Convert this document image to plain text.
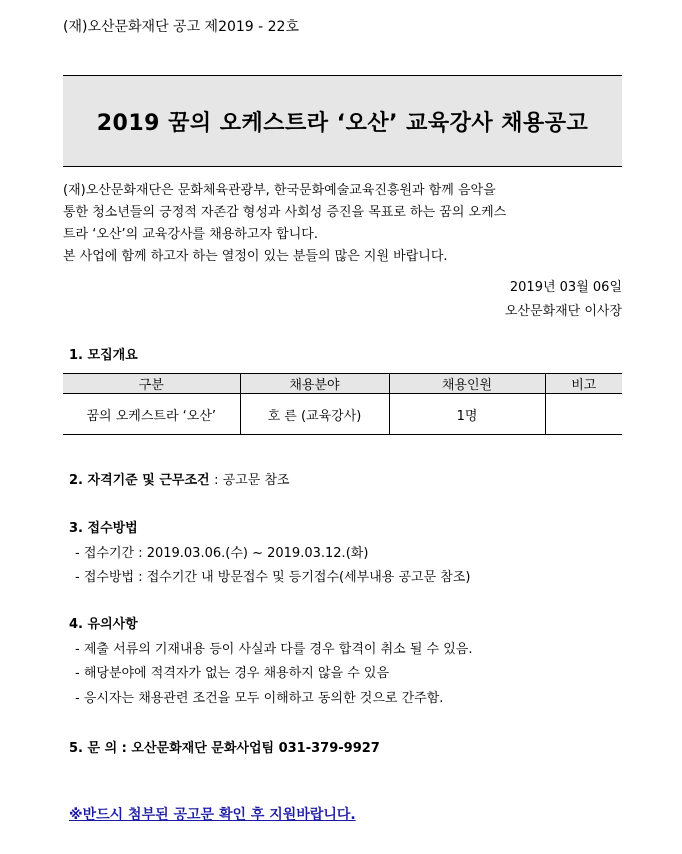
(재)오산문화재단 공고 제2019 - 22호
2019 꿈의 오케스트라 ‘오산’ 교육강사 채용공고

(재)오산문화재단은 문화체육관광부, 한국문화예술교육진흥원과 함께 음악을

통한 청소년들의 긍정적 자존감 형성과 사회성 증진을 목표로 하는 꿈의 오케스

트라 ‘오산’의 교육강사를 채용하고자 합니다.

본 사업에 함께 하고자 하는 열정이 있는 분들의 많은 지원 바랍니다.

2019년 03월 06일
오산문화재단 이사장
1. 모집개요
구분	채용분야	채용인원	비고
꿈의 오케스트라 ‘오산’	호 른 (교육강사)	1명	
2. 자격기준 및 근무조건 : 공고문 참조
3. 접수방법
- 접수기간 : 2019.03.06.(수) ~ 2019.03.12.(화)
- 접수방법 : 접수기간 내 방문접수 및 등기접수(세부내용 공고문 참조)
4. 유의사항
- 제출 서류의 기재내용 등이 사실과 다를 경우 합격이 취소 될 수 있음.
- 해당분야에 적격자가 없는 경우 채용하지 않을 수 있음
- 응시자는 채용관련 조건을 모두 이해하고 동의한 것으로 간주함.
5. 문 의 : 오산문화재단 문화사업팀 031-379-9927
※반드시 첨부된 공고문 확인 후 지원바랍니다.
